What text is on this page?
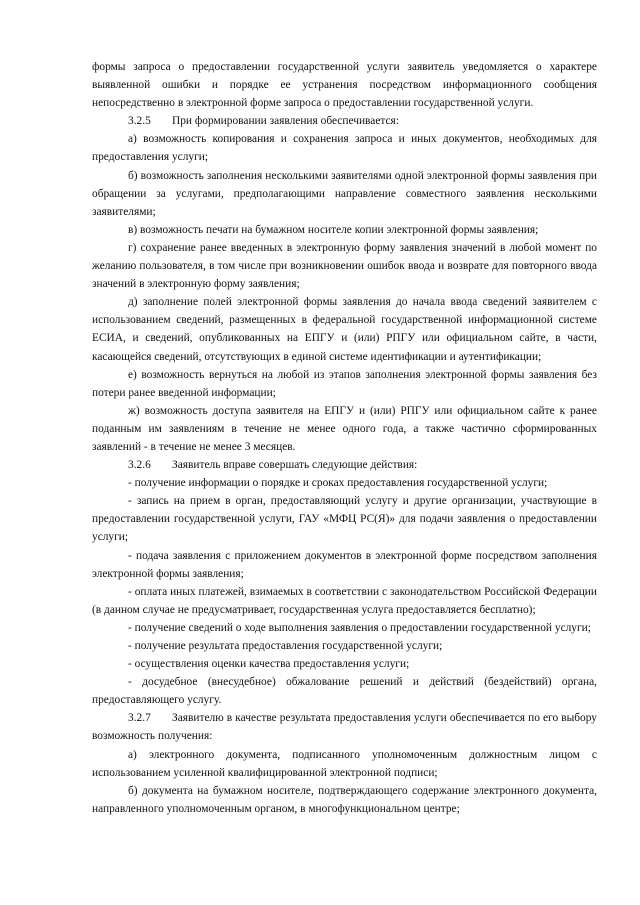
формы запроса о предоставлении государственной услуги заявитель уведомляется о характере выявленной ошибки и порядке ее устранения посредством информационного сообщения непосредственно в электронной форме запроса о предоставлении государственной услуги.

3.2.5 При формировании заявления обеспечивается:

а) возможность копирования и сохранения запроса и иных документов, необходимых для предоставления услуги;

б) возможность заполнения несколькими заявителями одной электронной формы заявления при обращении за услугами, предполагающими направление совместного заявления несколькими заявителями;

в) возможность печати на бумажном носителе копии электронной формы заявления;

г) сохранение ранее введенных в электронную форму заявления значений в любой момент по желанию пользователя, в том числе при возникновении ошибок ввода и возврате для повторного ввода значений в электронную форму заявления;

д) заполнение полей электронной формы заявления до начала ввода сведений заявителем с использованием сведений, размещенных в федеральной государственной информационной системе ЕСИА, и сведений, опубликованных на ЕПГУ и (или) РПГУ или официальном сайте, в части, касающейся сведений, отсутствующих в единой системе идентификации и аутентификации;

е) возможность вернуться на любой из этапов заполнения электронной формы заявления без потери ранее введенной информации;

ж) возможность доступа заявителя на ЕПГУ и (или) РПГУ или официальном сайте к ранее поданным им заявлениям в течение не менее одного года, а также частично сформированных заявлений - в течение не менее 3 месяцев.

3.2.6 Заявитель вправе совершать следующие действия:

- получение информации о порядке и сроках предоставления государственной услуги;

- запись на прием в орган, предоставляющий услугу и другие организации, участвующие в предоставлении государственной услуги, ГАУ «МФЦ РС(Я)» для подачи заявления о предоставлении услуги;

- подача заявления с приложением документов в электронной форме посредством заполнения электронной формы заявления;

- оплата иных платежей, взимаемых в соответствии с законодательством Российской Федерации (в данном случае не предусматривает, государственная услуга предоставляется бесплатно);

- получение сведений о ходе выполнения заявления о предоставлении государственной услуги;

- получение результата предоставления государственной услуги;

- осуществления оценки качества предоставления услуги;

- досудебное (внесудебное) обжалование решений и действий (бездействий) органа, предоставляющего услугу.

3.2.7 Заявителю в качестве результата предоставления услуги обеспечивается по его выбору возможность получения:

а) электронного документа, подписанного уполномоченным должностным лицом с использованием усиленной квалифицированной электронной подписи;

б) документа на бумажном носителе, подтверждающего содержание электронного документа, направленного уполномоченным органом, в многофункциональном центре;
